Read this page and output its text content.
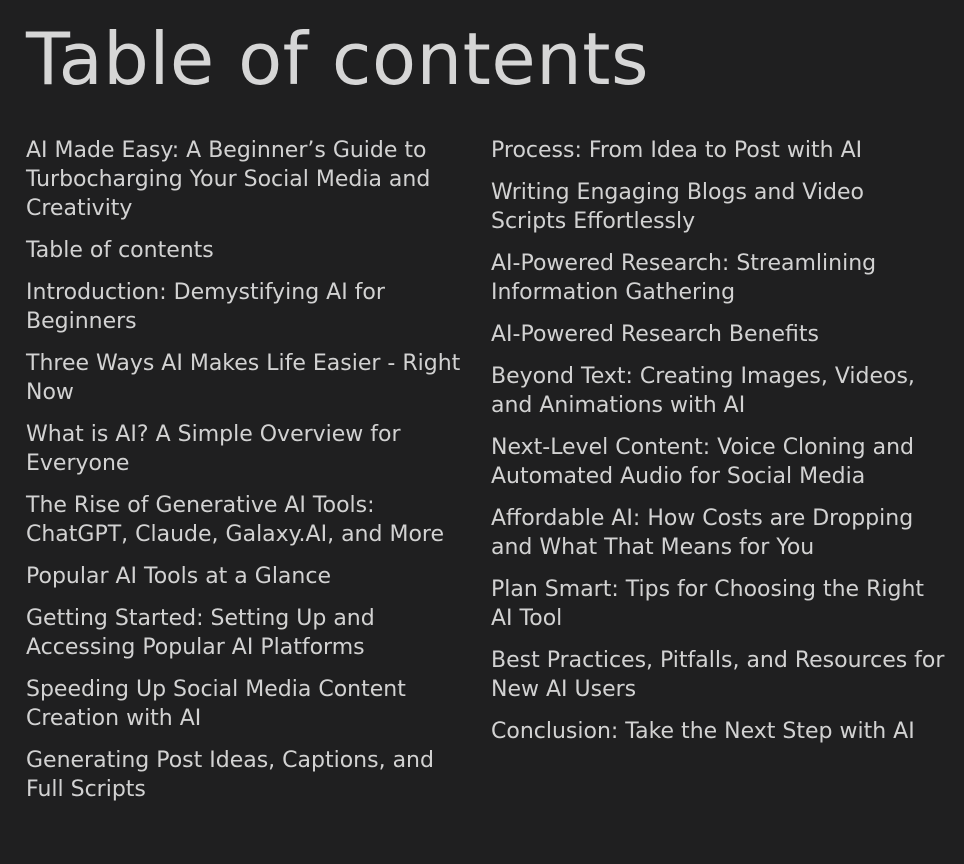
Table of contents
AI Made Easy: A Beginner’s Guide to Turbocharging Your Social Media and Creativity
Table of contents
Introduction: Demystifying AI for Beginners
Three Ways AI Makes Life Easier - Right Now
What is AI? A Simple Overview for Everyone
The Rise of Generative AI Tools: ChatGPT, Claude, Galaxy.AI, and More
Popular AI Tools at a Glance
Getting Started: Setting Up and Accessing Popular AI Platforms
Speeding Up Social Media Content Creation with AI
Generating Post Ideas, Captions, and Full Scripts
Process: From Idea to Post with AI
Writing Engaging Blogs and Video Scripts Effortlessly
AI-Powered Research: Streamlining Information Gathering
AI-Powered Research Benefits
Beyond Text: Creating Images, Videos, and Animations with AI
Next-Level Content: Voice Cloning and Automated Audio for Social Media
Affordable AI: How Costs are Dropping and What That Means for You
Plan Smart: Tips for Choosing the Right AI Tool
Best Practices, Pitfalls, and Resources for New AI Users
Conclusion: Take the Next Step with AI
